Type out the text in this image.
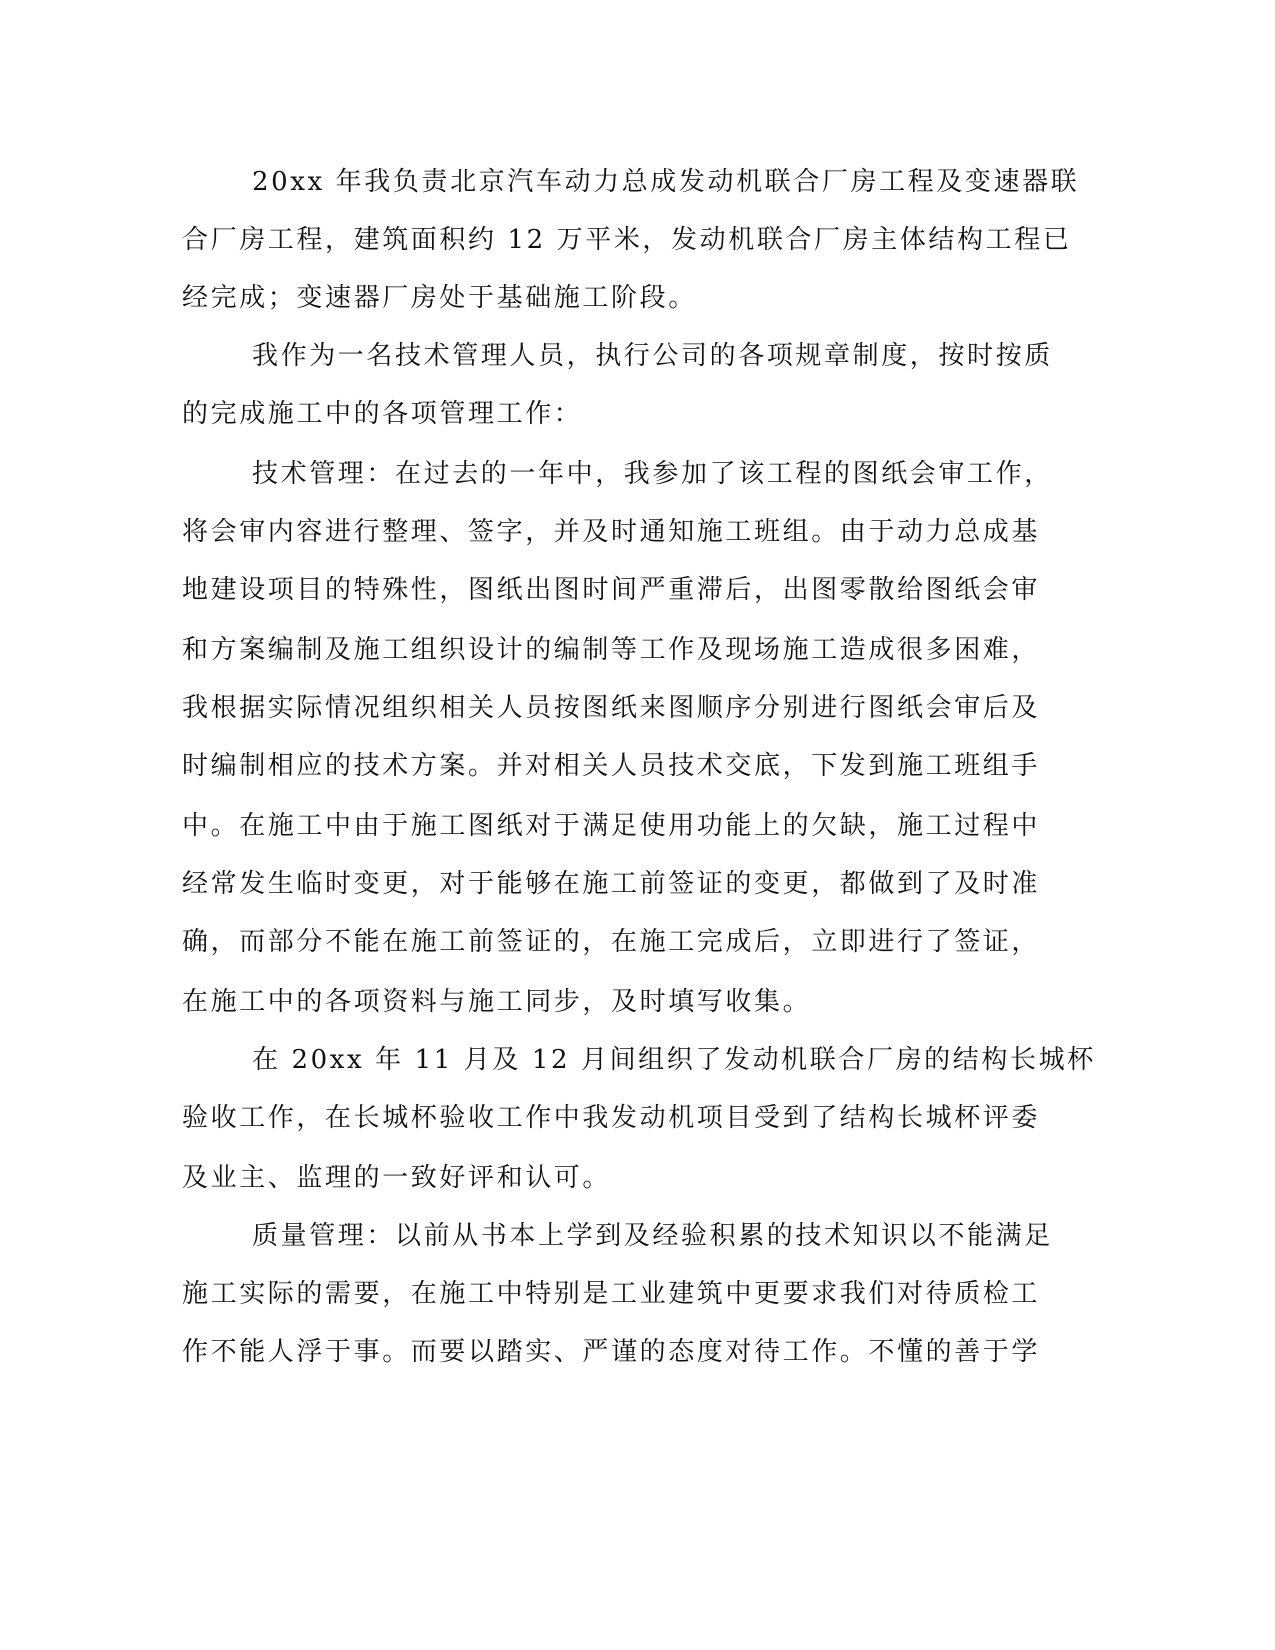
20xx 年我负责北京汽车动力总成发动机联合厂房工程及变速器联
合厂房工程，建筑面积约 12 万平米，发动机联合厂房主体结构工程已
经完成；变速器厂房处于基础施工阶段。
我作为一名技术管理人员，执行公司的各项规章制度，按时按质
的完成施工中的各项管理工作：
技术管理：在过去的一年中，我参加了该工程的图纸会审工作，
将会审内容进行整理、签字，并及时通知施工班组。由于动力总成基
地建设项目的特殊性，图纸出图时间严重滞后，出图零散给图纸会审
和方案编制及施工组织设计的编制等工作及现场施工造成很多困难，
我根据实际情况组织相关人员按图纸来图顺序分别进行图纸会审后及
时编制相应的技术方案。并对相关人员技术交底，下发到施工班组手
中。在施工中由于施工图纸对于满足使用功能上的欠缺，施工过程中
经常发生临时变更，对于能够在施工前签证的变更，都做到了及时准
确，而部分不能在施工前签证的，在施工完成后，立即进行了签证，
在施工中的各项资料与施工同步，及时填写收集。
在 20xx 年 11 月及 12 月间组织了发动机联合厂房的结构长城杯
验收工作，在长城杯验收工作中我发动机项目受到了结构长城杯评委
及业主、监理的一致好评和认可。
质量管理：以前从书本上学到及经验积累的技术知识以不能满足
施工实际的需要，在施工中特别是工业建筑中更要求我们对待质检工
作不能人浮于事。而要以踏实、严谨的态度对待工作。不懂的善于学
